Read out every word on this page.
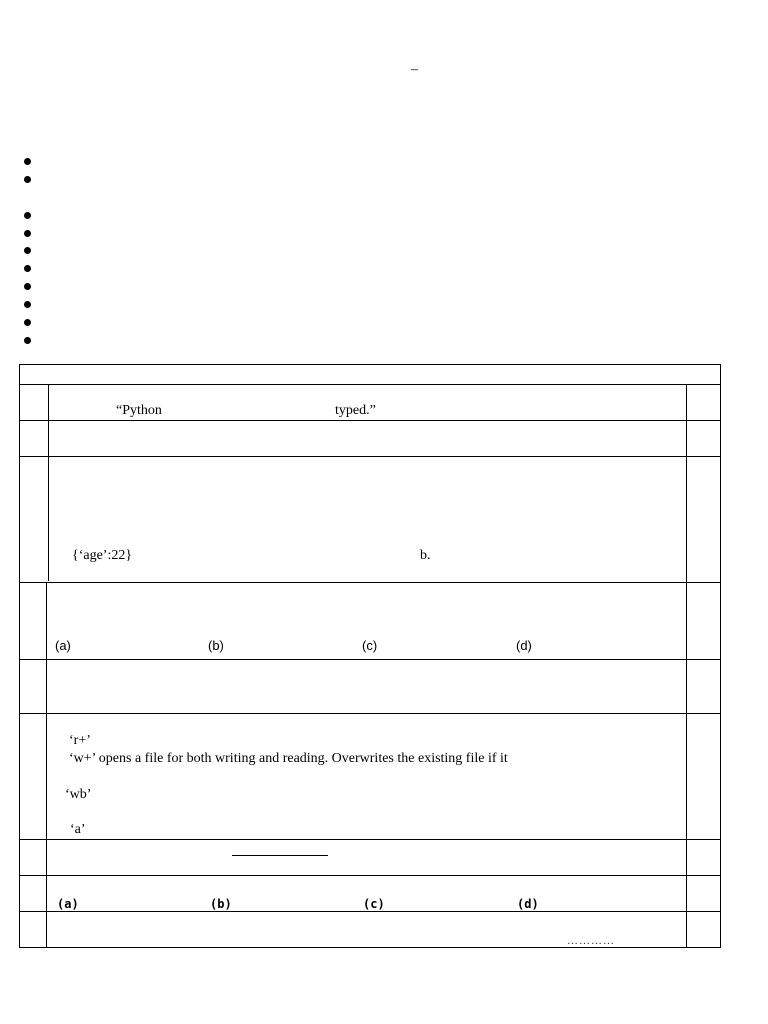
–
“Python	typed.”
{‘age’:22}	b.
(a)	(b)	(c)	(d)
‘r+’
‘w+’ opens a file for both writing and reading. Overwrites the existing file if it
‘wb’
‘a’
(a)	(b)	(c)	(d)
…………
